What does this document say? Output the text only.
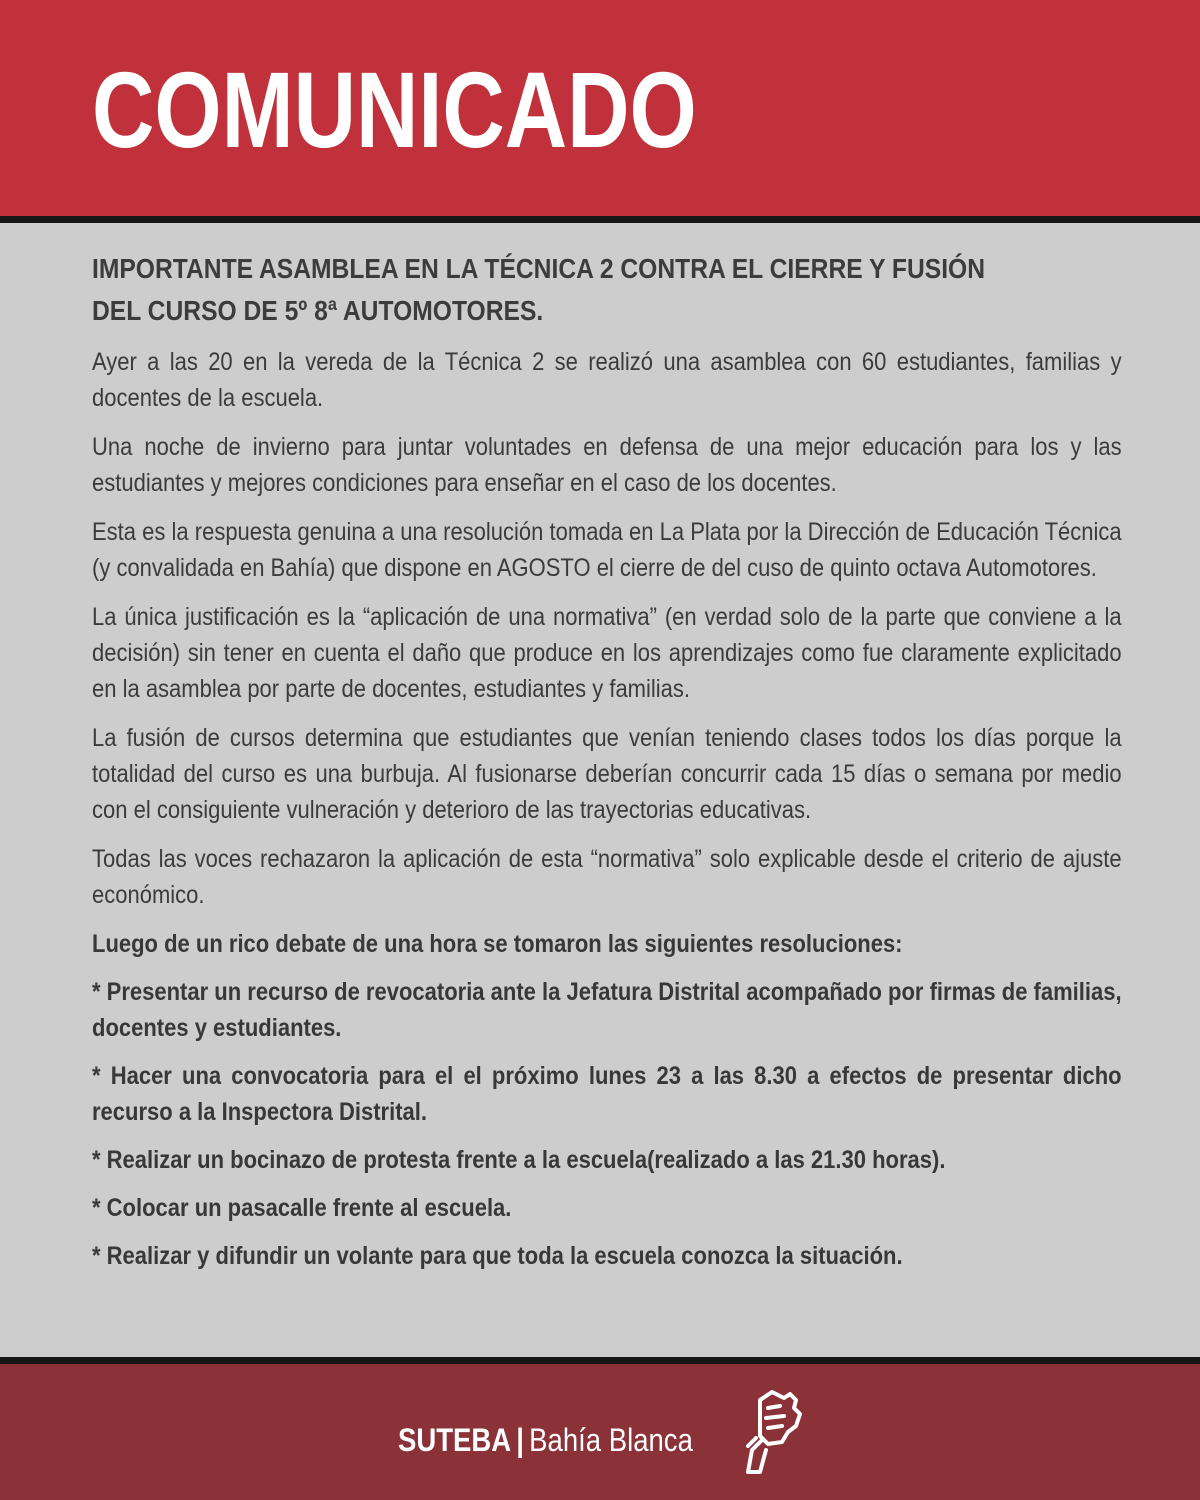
COMUNICADO
IMPORTANTE ASAMBLEA EN LA TÉCNICA 2 CONTRA EL CIERRE Y FUSIÓN
DEL CURSO DE 5º 8ª AUTOMOTORES.

Ayer a las 20 en la vereda de la Técnica 2 se realizó una asamblea con 60 estudiantes, familias y docentes de la escuela.

Una noche de invierno para juntar voluntades en defensa de una mejor educación para los y las estudiantes y mejores condiciones para enseñar en el caso de los docentes.

Esta es la respuesta genuina a una resolución tomada en La Plata por la Dirección de Educación Técnica (y convalidada en Bahía) que dispone en AGOSTO el cierre de del cuso de quinto octava Automotores.

La única justificación es la “aplicación de una normativa” (en verdad solo de la parte que conviene a la decisión) sin tener en cuenta el daño que produce en los aprendizajes como fue claramente explicitado en la asamblea por parte de docentes, estudiantes y familias.

La fusión de cursos determina que estudiantes que venían teniendo clases todos los días porque la totalidad del curso es una burbuja. Al fusionarse deberían concurrir cada 15 días o semana por medio con el consiguiente vulneración y deterioro de las trayectorias educativas.

Todas las voces rechazaron la aplicación de esta “normativa” solo explicable desde el criterio de ajuste económico.

Luego de un rico debate de una hora se tomaron las siguientes resoluciones:

* Presentar un recurso de revocatoria ante la Jefatura Distrital acompañado por firmas de familias, docentes y estudiantes.

* Hacer una convocatoria para el el próximo lunes 23 a las 8.30 a efectos de presentar dicho recurso a la Inspectora Distrital.

* Realizar un bocinazo de protesta frente a la escuela(realizado a las 21.30 horas).

* Colocar un pasacalle frente al escuela.

* Realizar y difundir un volante para que toda la escuela conozca la situación.

SUTEBA | Bahía Blanca
